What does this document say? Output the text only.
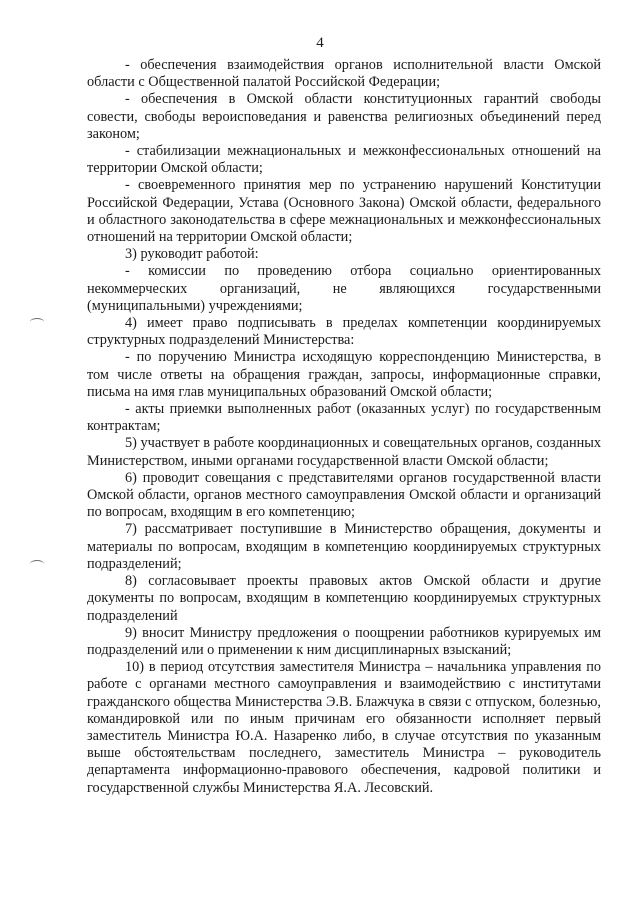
4

- обеспечения взаимодействия органов исполнительной власти Омской области с Общественной палатой Российской Федерации;

- обеспечения в Омской области конституционных гарантий свободы совести, свободы вероисповедания и равенства религиозных объединений перед законом;

- стабилизации межнациональных и межконфессиональных отношений на территории Омской области;

- своевременного принятия мер по устранению нарушений Конституции Российской Федерации, Устава (Основного Закона) Омской области, федерального и областного законодательства в сфере межнациональных и межконфессиональных отношений на территории Омской области;

3) руководит работой:

- комиссии по проведению отбора социально ориентированных некоммерческих организаций, не являющихся государственными (муниципальными) учреждениями;

4) имеет право подписывать в пределах компетенции координируемых структурных подразделений Министерства:

- по поручению Министра исходящую корреспонденцию Министерства, в том числе ответы на обращения граждан, запросы, информационные справки, письма на имя глав муниципальных образований Омской области;

- акты приемки выполненных работ (оказанных услуг) по государственным контрактам;

5) участвует в работе координационных и совещательных органов, созданных Министерством, иными органами государственной власти Омской области;

6) проводит совещания с представителями органов государственной власти Омской области, органов местного самоуправления Омской области и организаций по вопросам, входящим в его компетенцию;

7) рассматривает поступившие в Министерство обращения, документы и материалы по вопросам, входящим в компетенцию координируемых структурных подразделений;

8) согласовывает проекты правовых актов Омской области и другие документы по вопросам, входящим в компетенцию координируемых структурных подразделений

9) вносит Министру предложения о поощрении работников курируемых им подразделений или о применении к ним дисциплинарных взысканий;

10) в период отсутствия заместителя Министра – начальника управления по работе с органами местного самоуправления и взаимодействию с институтами гражданского общества Министерства Э.В. Блажчука в связи с отпуском, болезнью, командировкой или по иным причинам его обязанности исполняет первый заместитель Министра Ю.А. Назаренко либо, в случае отсутствия по указанным выше обстоятельствам последнего, заместитель Министра – руководитель департамента информационно-правового обеспечения, кадровой политики и государственной службы Министерства Я.А. Лесовский.
